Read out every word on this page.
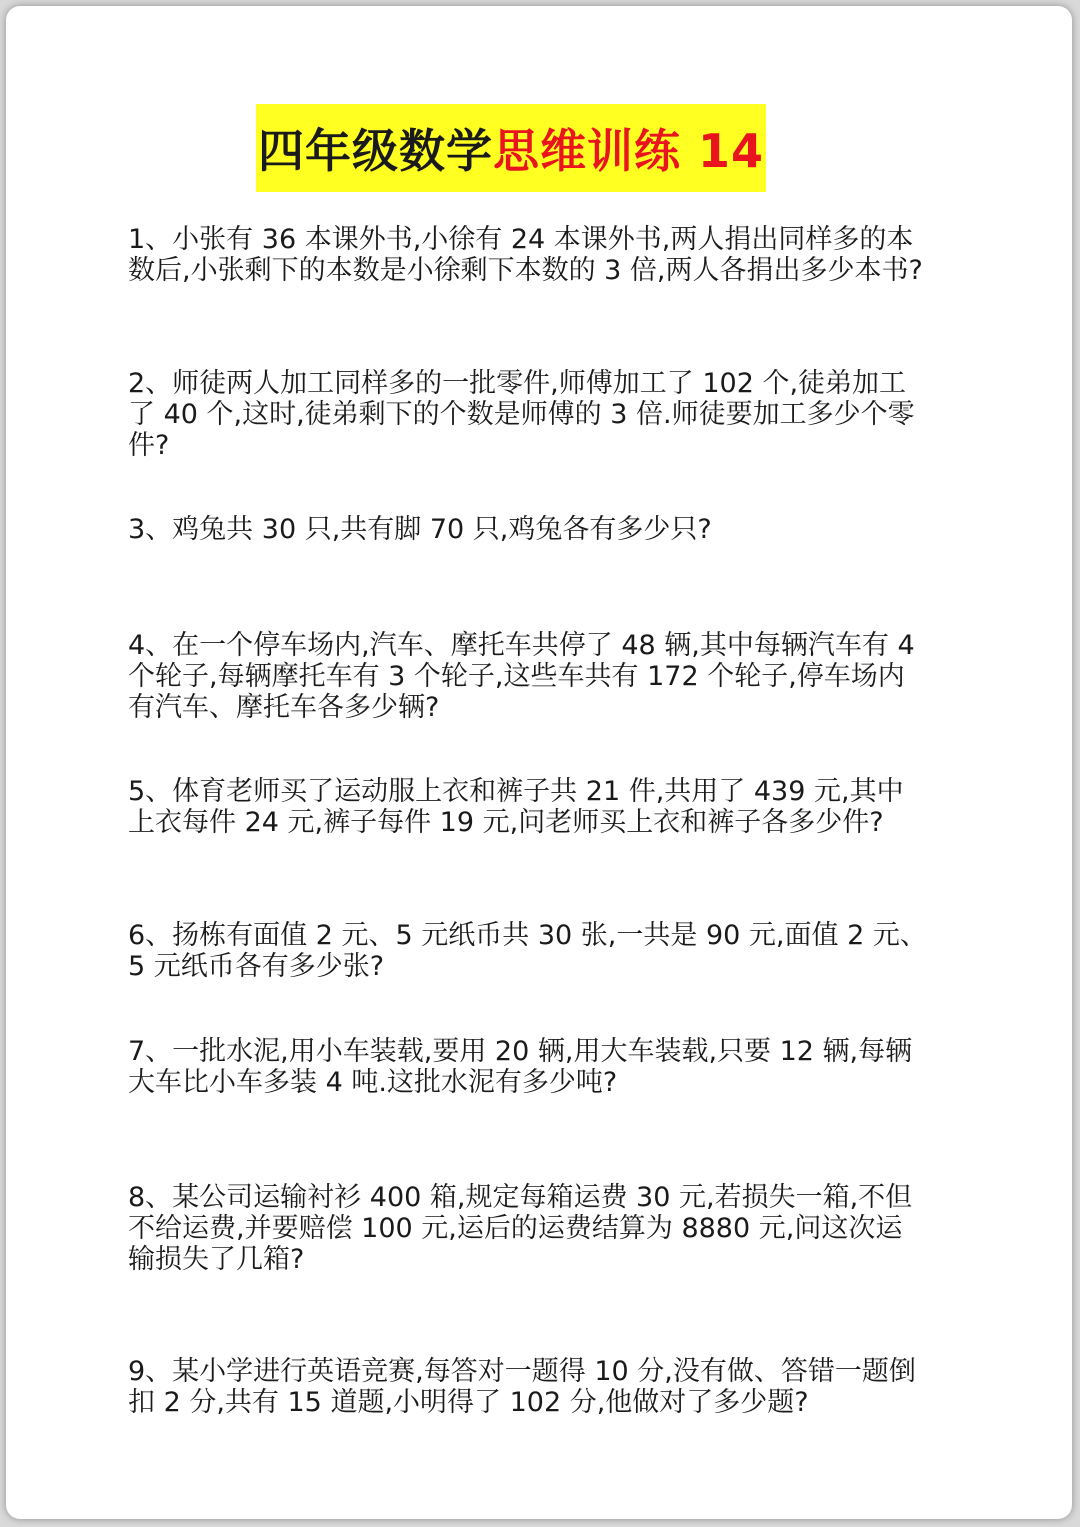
四年级数学 思维训练 14

1、小张有 36 本课外书,小徐有 24 本课外书,两人捐出同样多的本数后,小张剩下的本数是小徐剩下本数的 3 倍,两人各捐出多少本书?

2、师徒两人加工同样多的一批零件,师傅加工了 102 个,徒弟加工了 40 个,这时,徒弟剩下的个数是师傅的 3 倍.师徒要加工多少个零件?

3、鸡兔共 30 只,共有脚 70 只,鸡兔各有多少只?

4、在一个停车场内,汽车、摩托车共停了 48 辆,其中每辆汽车有 4 个轮子,每辆摩托车有 3 个轮子,这些车共有 172 个轮子,停车场内有汽车、摩托车各多少辆?

5、体育老师买了运动服上衣和裤子共 21 件,共用了 439 元,其中上衣每件 24 元,裤子每件 19 元,问老师买上衣和裤子各多少件?

6、扬栋有面值 2 元、5 元纸币共 30 张,一共是 90 元,面值 2 元、5 元纸币各有多少张?

7、一批水泥,用小车装载,要用 20 辆,用大车装载,只要 12 辆,每辆大车比小车多装 4 吨.这批水泥有多少吨?

8、某公司运输衬衫 400 箱,规定每箱运费 30 元,若损失一箱,不但不给运费,并要赔偿 100 元,运后的运费结算为 8880 元,问这次运输损失了几箱?

9、某小学进行英语竞赛,每答对一题得 10 分,没有做、答错一题倒扣 2 分,共有 15 道题,小明得了 102 分,他做对了多少题?
